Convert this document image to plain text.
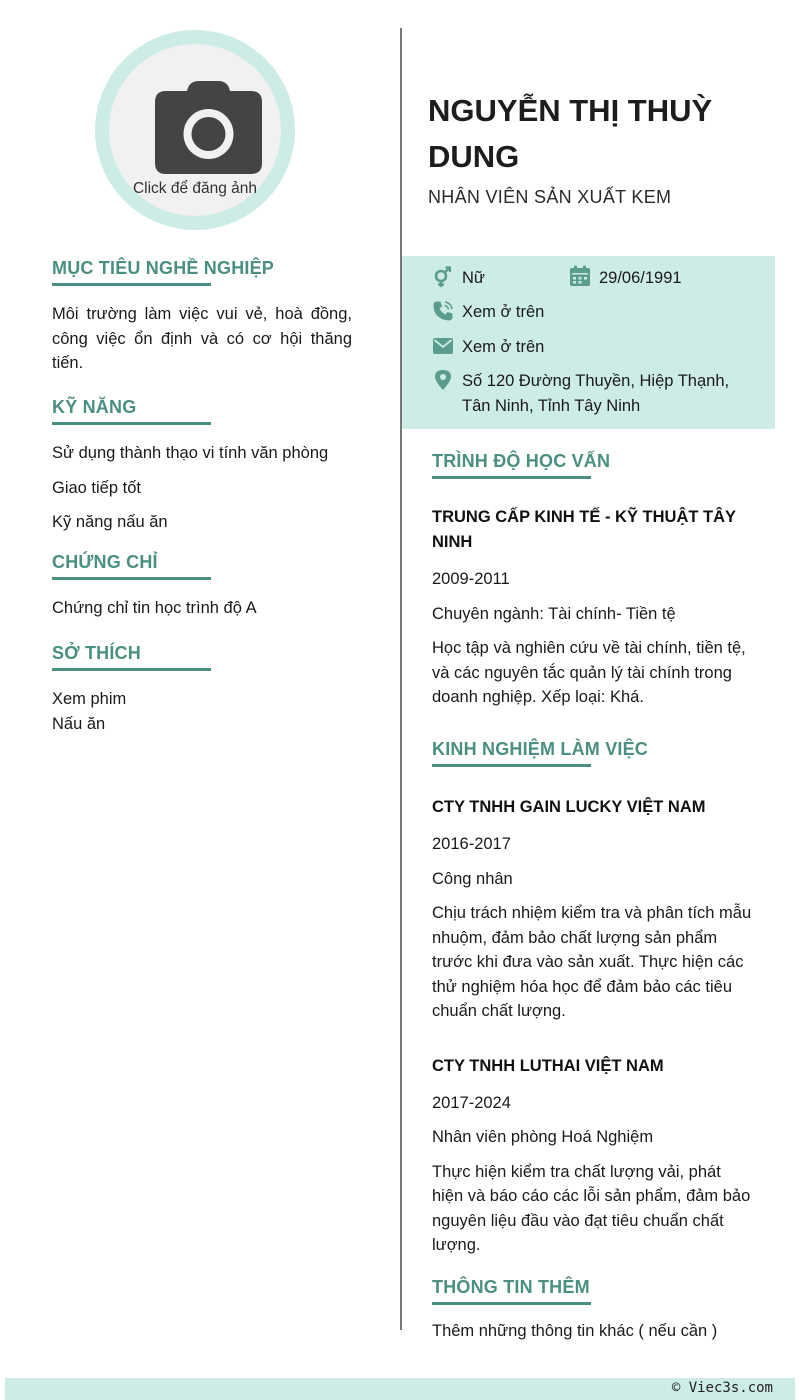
Click để đăng ảnh
MỤC TIÊU NGHỀ NGHIỆP
Môi trường làm việc vui vẻ, hoà đồng, công việc ổn định và có cơ hội thăng tiến.
KỸ NĂNG
Sử dụng thành thạo vi tính văn phòng
Giao tiếp tốt
Kỹ năng nấu ăn
CHỨNG CHỈ
Chứng chỉ tin học trình độ A
SỞ THÍCH
Xem phim
Nấu ăn
NGUYỄN THỊ THUỲ DUNG
NHÂN VIÊN SẢN XUẤT KEM
Nữ	29/06/1991
Xem ở trên
Xem ở trên
Số 120 Đường Thuyền, Hiệp Thạnh, Tân Ninh, Tỉnh Tây Ninh
TRÌNH ĐỘ HỌC VẤN
TRUNG CẤP KINH TẾ - KỸ THUẬT TÂY NINH
2009-2011
Chuyên ngành: Tài chính- Tiền tệ
Học tập và nghiên cứu về tài chính, tiền tệ, và các nguyên tắc quản lý tài chính trong doanh nghiệp. Xếp loại: Khá.
KINH NGHIỆM LÀM VIỆC
CTY TNHH GAIN LUCKY VIỆT NAM
2016-2017
Công nhân
Chịu trách nhiệm kiểm tra và phân tích mẫu nhuộm, đảm bảo chất lượng sản phẩm trước khi đưa vào sản xuất. Thực hiện các thử nghiệm hóa học để đảm bảo các tiêu chuẩn chất lượng.
CTY TNHH LUTHAI VIỆT NAM
2017-2024
Nhân viên phòng Hoá Nghiệm
Thực hiện kiểm tra chất lượng vải, phát hiện và báo cáo các lỗi sản phẩm, đảm bảo nguyên liệu đầu vào đạt tiêu chuẩn chất lượng.
THÔNG TIN THÊM
Thêm những thông tin khác ( nếu cần )
© Viec3s.com
